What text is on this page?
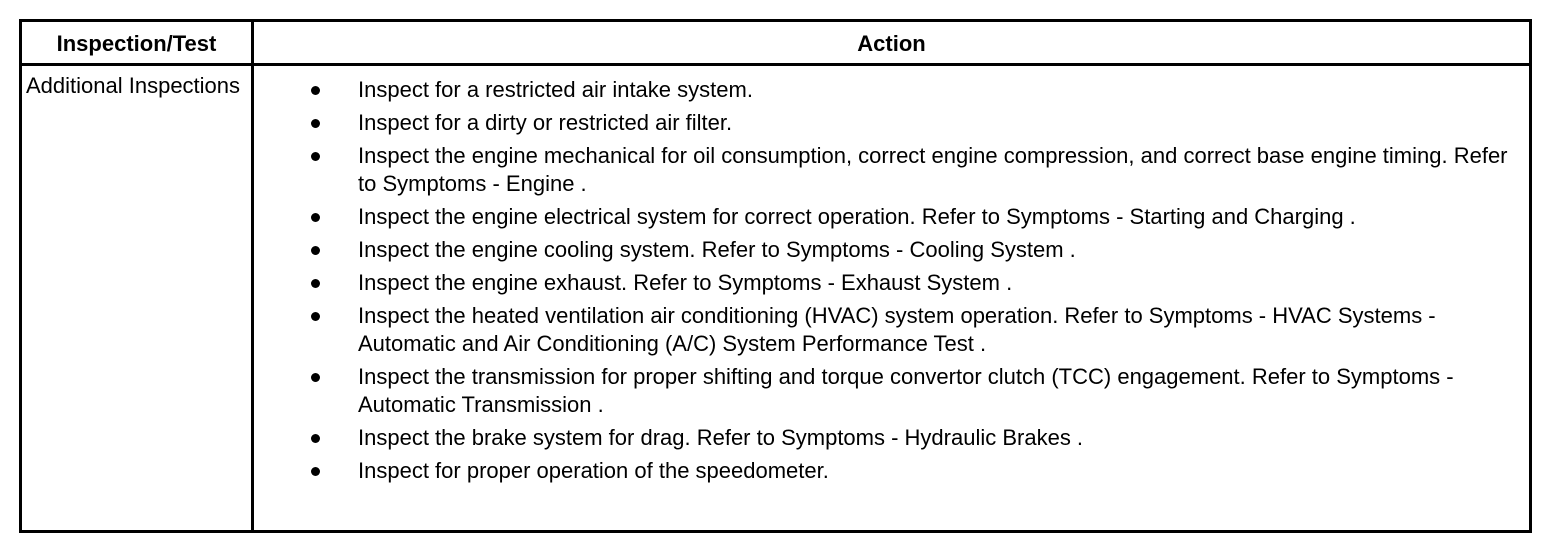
Inspection/Test	Action
Additional Inspections	Inspect for a restricted air intake system.
Inspect for a dirty or restricted air filter.
Inspect the engine mechanical for oil consumption, correct engine compression, and correct base engine timing. Refer to Symptoms - Engine .
Inspect the engine electrical system for correct operation. Refer to Symptoms - Starting and Charging .
Inspect the engine cooling system. Refer to Symptoms - Cooling System .
Inspect the engine exhaust. Refer to Symptoms - Exhaust System .
Inspect the heated ventilation air conditioning (HVAC) system operation. Refer to Symptoms - HVAC Systems - Automatic and Air Conditioning (A/C) System Performance Test .
Inspect the transmission for proper shifting and torque convertor clutch (TCC) engagement. Refer to Symptoms - Automatic Transmission .
Inspect the brake system for drag. Refer to Symptoms - Hydraulic Brakes .
Inspect for proper operation of the speedometer.
